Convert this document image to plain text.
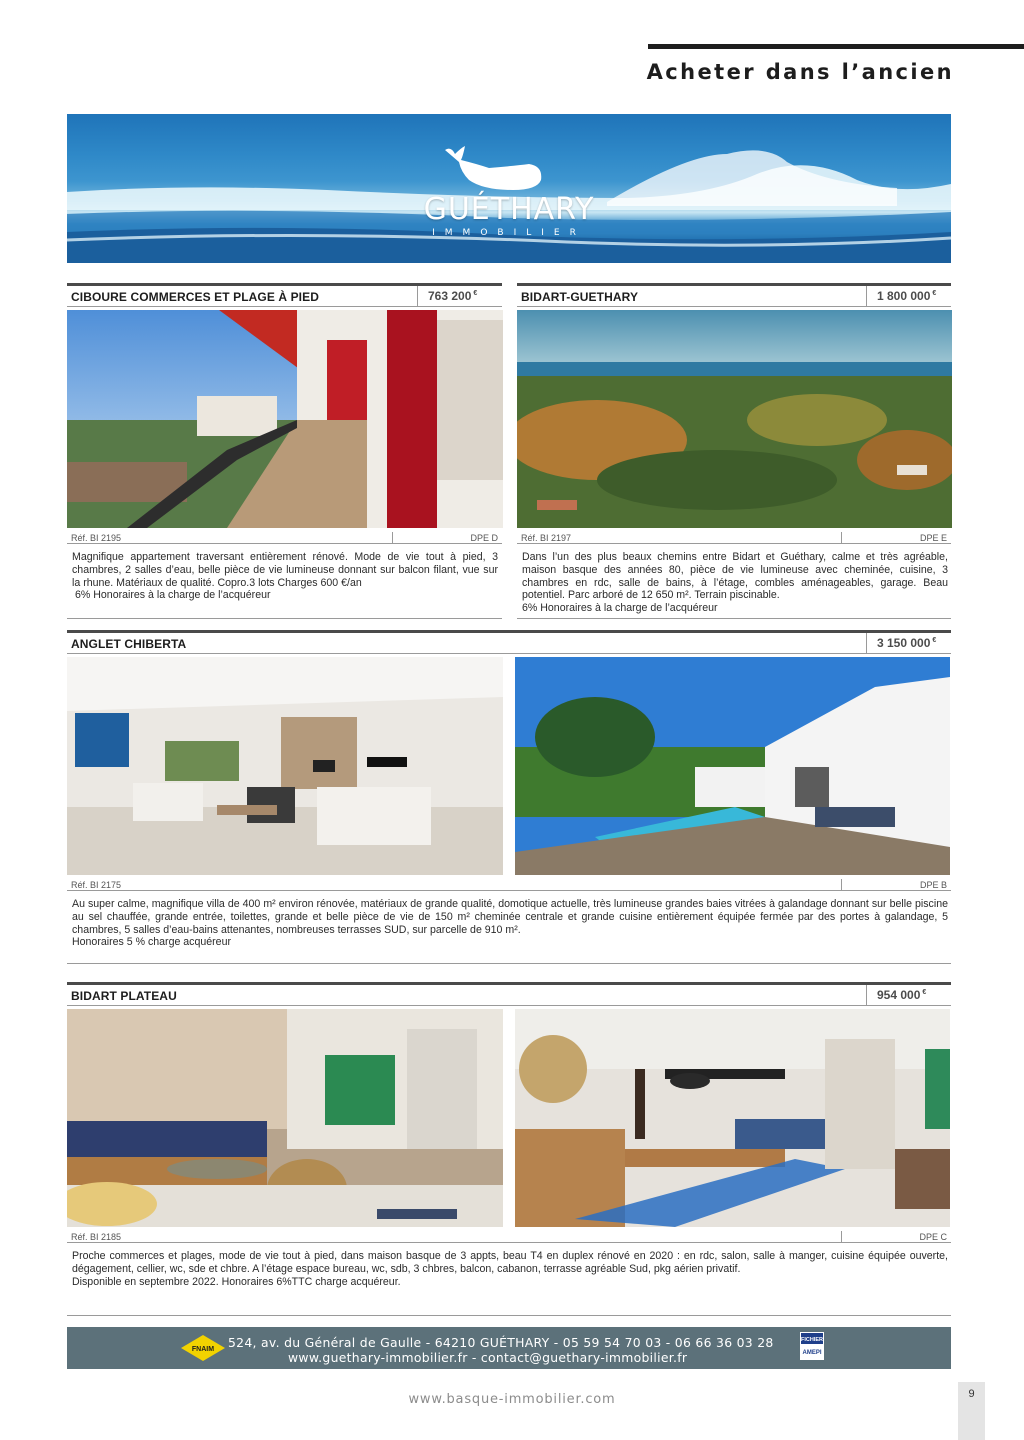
Acheter dans l’ancien
GUÉTHARY
IMMOBILIER
CIBOURE COMMERCES ET PLAGE À PIED	763 200 €
Réf. BI 2195	DPE D

Magnifique appartement traversant entièrement rénové. Mode de vie tout à pied, 3 chambres, 2 salles d’eau, belle pièce de vie lumineuse donnant sur balcon filant, vue sur la rhune. Matériaux de qualité. Copro.3 lots Charges 600 €/an

6% Honoraires à la charge de l’acquéreur

BIDART-GUETHARY	1 800 000 €
Réf. BI 2197	DPE E

Dans l’un des plus beaux chemins entre Bidart et Guéthary, calme et très agréable, maison basque des années 80, pièce de vie lumineuse avec cheminée, cuisine, 3 chambres en rdc, salle de bains, à l’étage, combles aménageables, garage. Beau potentiel. Parc arboré de 12 650 m². Terrain piscinable.

6% Honoraires à la charge de l’acquéreur

ANGLET CHIBERTA	3 150 000 €
Réf. BI 2175	DPE B

Au super calme, magnifique villa de 400 m² environ rénovée, matériaux de grande qualité, domotique actuelle, très lumineuse grandes baies vitrées à galandage donnant sur belle piscine au sel chauffée, grande entrée, toilettes, grande et belle pièce de vie de 150 m² cheminée centrale et grande cuisine entièrement équipée fermée par des portes à galandage, 5 chambres, 5 salles d’eau-bains attenantes, nombreuses terrasses SUD, sur parcelle de 910 m².

Honoraires 5 % charge acquéreur

BIDART PLATEAU	954 000 €
Réf. BI 2185	DPE C

Proche commerces et plages, mode de vie tout à pied, dans maison basque de 3 appts, beau T4 en duplex rénové en 2020 : en rdc, salon, salle à manger, cuisine équipée ouverte, dégagement, cellier, wc, sde et chbre. A l’étage espace bureau, wc, sdb, 3 chbres, balcon, cabanon, terrasse agréable Sud, pkg aérien privatif.

Disponible en septembre 2022. Honoraires 6%TTC charge acquéreur.

FNAIM 524, av. du Général de Gaulle - 64210 GUÉTHARY - 05 59 54 70 03 - 06 66 36 03 28
www.guethary-immobilier.fr - contact@guethary-immobilier.fr
FICHIER
AMEPI
www.basque-immobilier.com	9
